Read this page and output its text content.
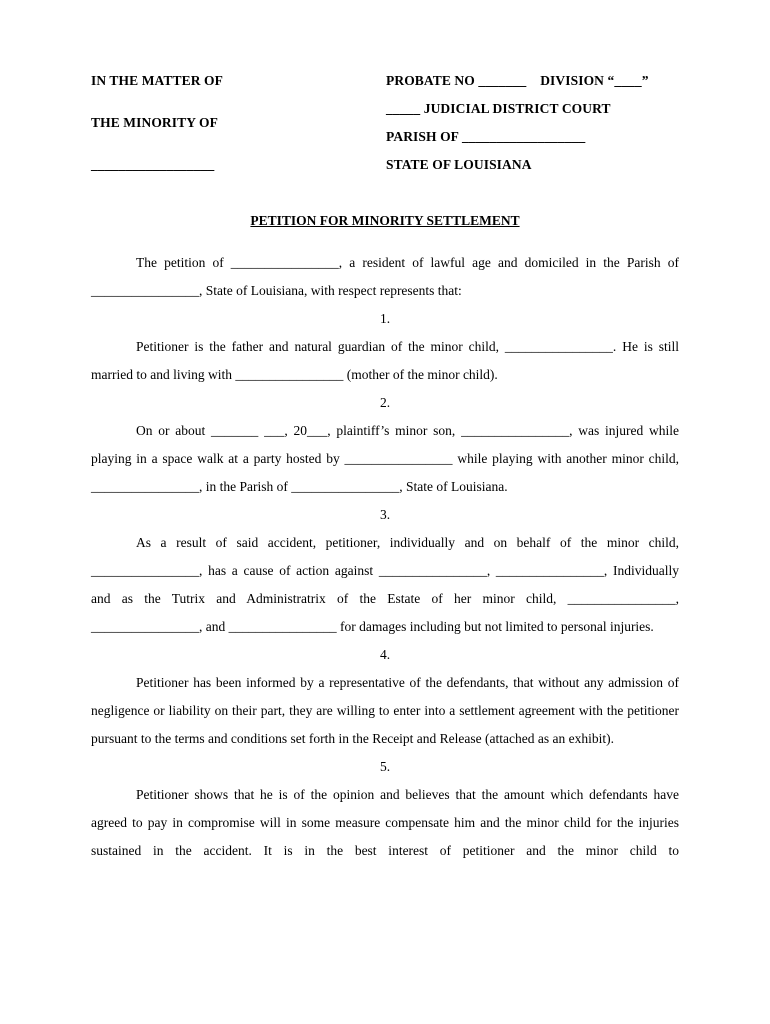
IN THE MATTER OF
THE MINORITY OF
__________________
PROBATE NO _______    DIVISION “____”
_____ JUDICIAL DISTRICT COURT
PARISH OF __________________
STATE OF LOUISIANA
PETITION FOR MINORITY SETTLEMENT

The petition of ________________, a resident of lawful age and domiciled in the Parish of ________________, State of Louisiana, with respect represents that:

1.

Petitioner is the father and natural guardian of the minor child, ________________. He is still married to and living with ________________ (mother of the minor child).

2.

On or about _______ ___, 20___, plaintiff’s minor son, ________________, was injured while playing in a space walk at a party hosted by ________________ while playing with another minor child, ________________, in the Parish of ________________, State of Louisiana.

3.

As a result of said accident, petitioner, individually and on behalf of the minor child, ________________, has a cause of action against ________________, ________________, Individually and as the Tutrix and Administratrix of the Estate of her minor child, ________________, ________________, and ________________ for damages including but not limited to personal injuries.

4.

Petitioner has been informed by a representative of the defendants, that without any admission of negligence or liability on their part, they are willing to enter into a settlement agreement with the petitioner pursuant to the terms and conditions set forth in the Receipt and Release (attached as an exhibit).

5.

Petitioner shows that he is of the opinion and believes that the amount which defendants have agreed to pay in compromise will in some measure compensate him and the minor child for the injuries sustained in the accident. It is in the best interest of petitioner and the minor child to
